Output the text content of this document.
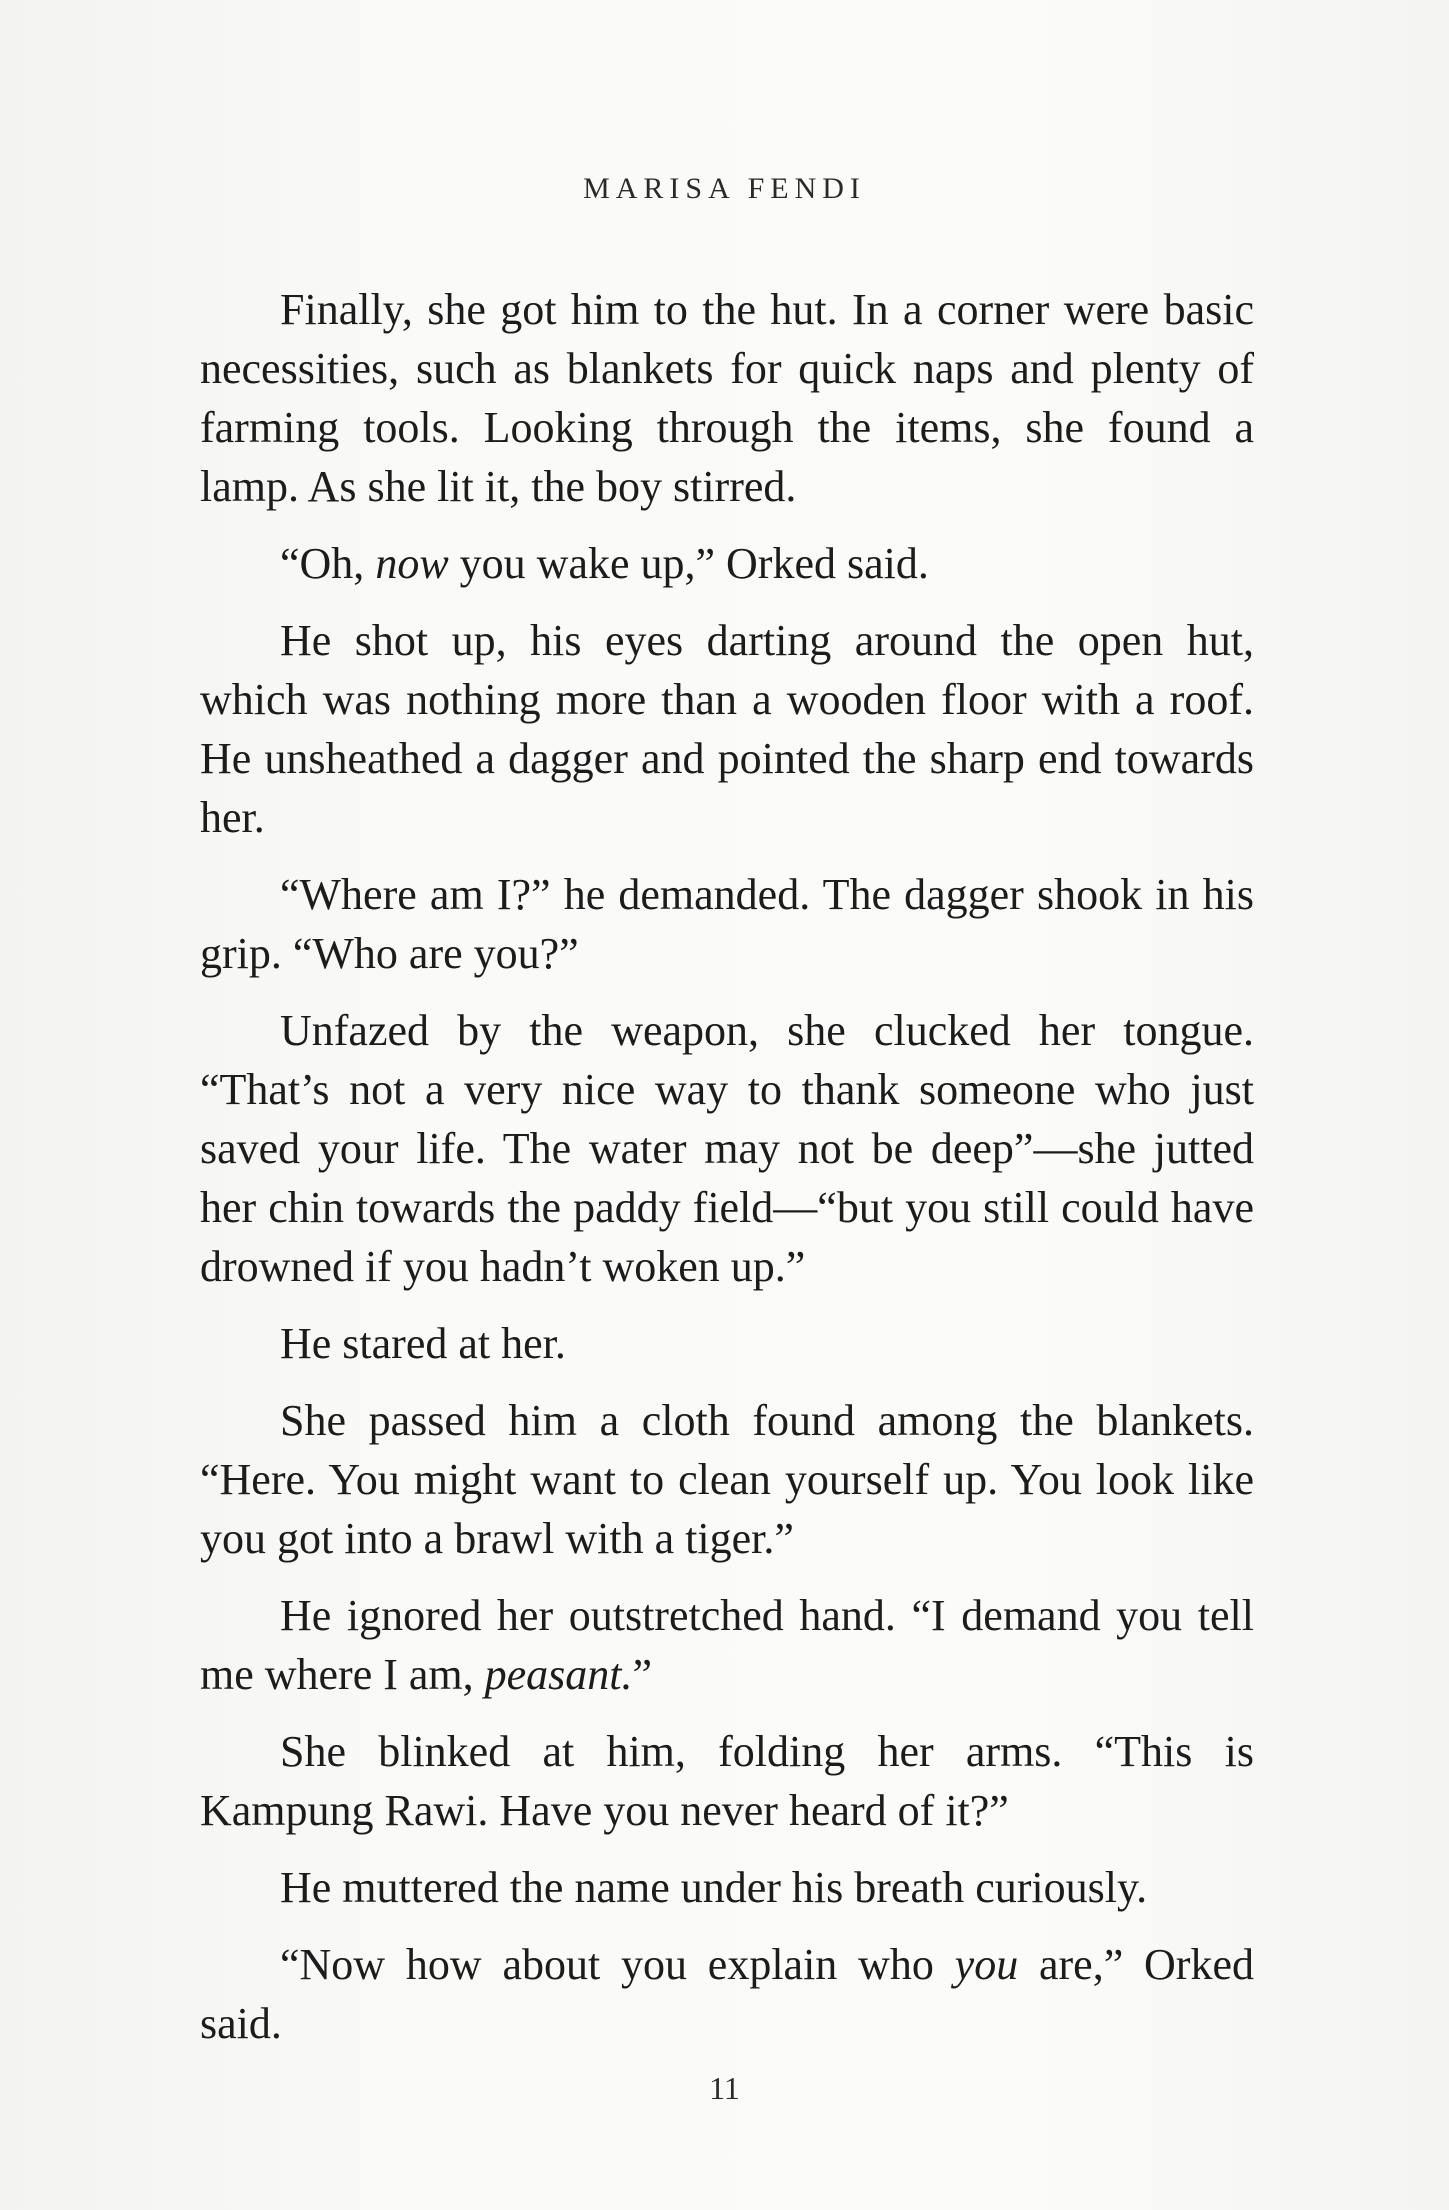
MARISA FENDI

Finally, she got him to the hut. In a corner were basic necessities, such as blankets for quick naps and plenty of farming tools. Looking through the items, she found a lamp. As she lit it, the boy stirred.

“Oh, now you wake up,” Orked said.

He shot up, his eyes darting around the open hut, which was nothing more than a wooden floor with a roof. He unsheathed a dagger and pointed the sharp end towards her.

“Where am I?” he demanded. The dagger shook in his grip. “Who are you?”

Unfazed by the weapon, she clucked her tongue. “That’s not a very nice way to thank someone who just saved your life. The water may not be deep”—she jutted her chin towards the paddy field—“but you still could have drowned if you hadn’t woken up.”

He stared at her.

She passed him a cloth found among the blankets. “Here. You might want to clean yourself up. You look like you got into a brawl with a tiger.”

He ignored her outstretched hand. “I demand you tell me where I am, peasant.”

She blinked at him, folding her arms. “This is Kampung Rawi. Have you never heard of it?”

He muttered the name under his breath curiously.

“Now how about you explain who you are,” Orked said.

11
